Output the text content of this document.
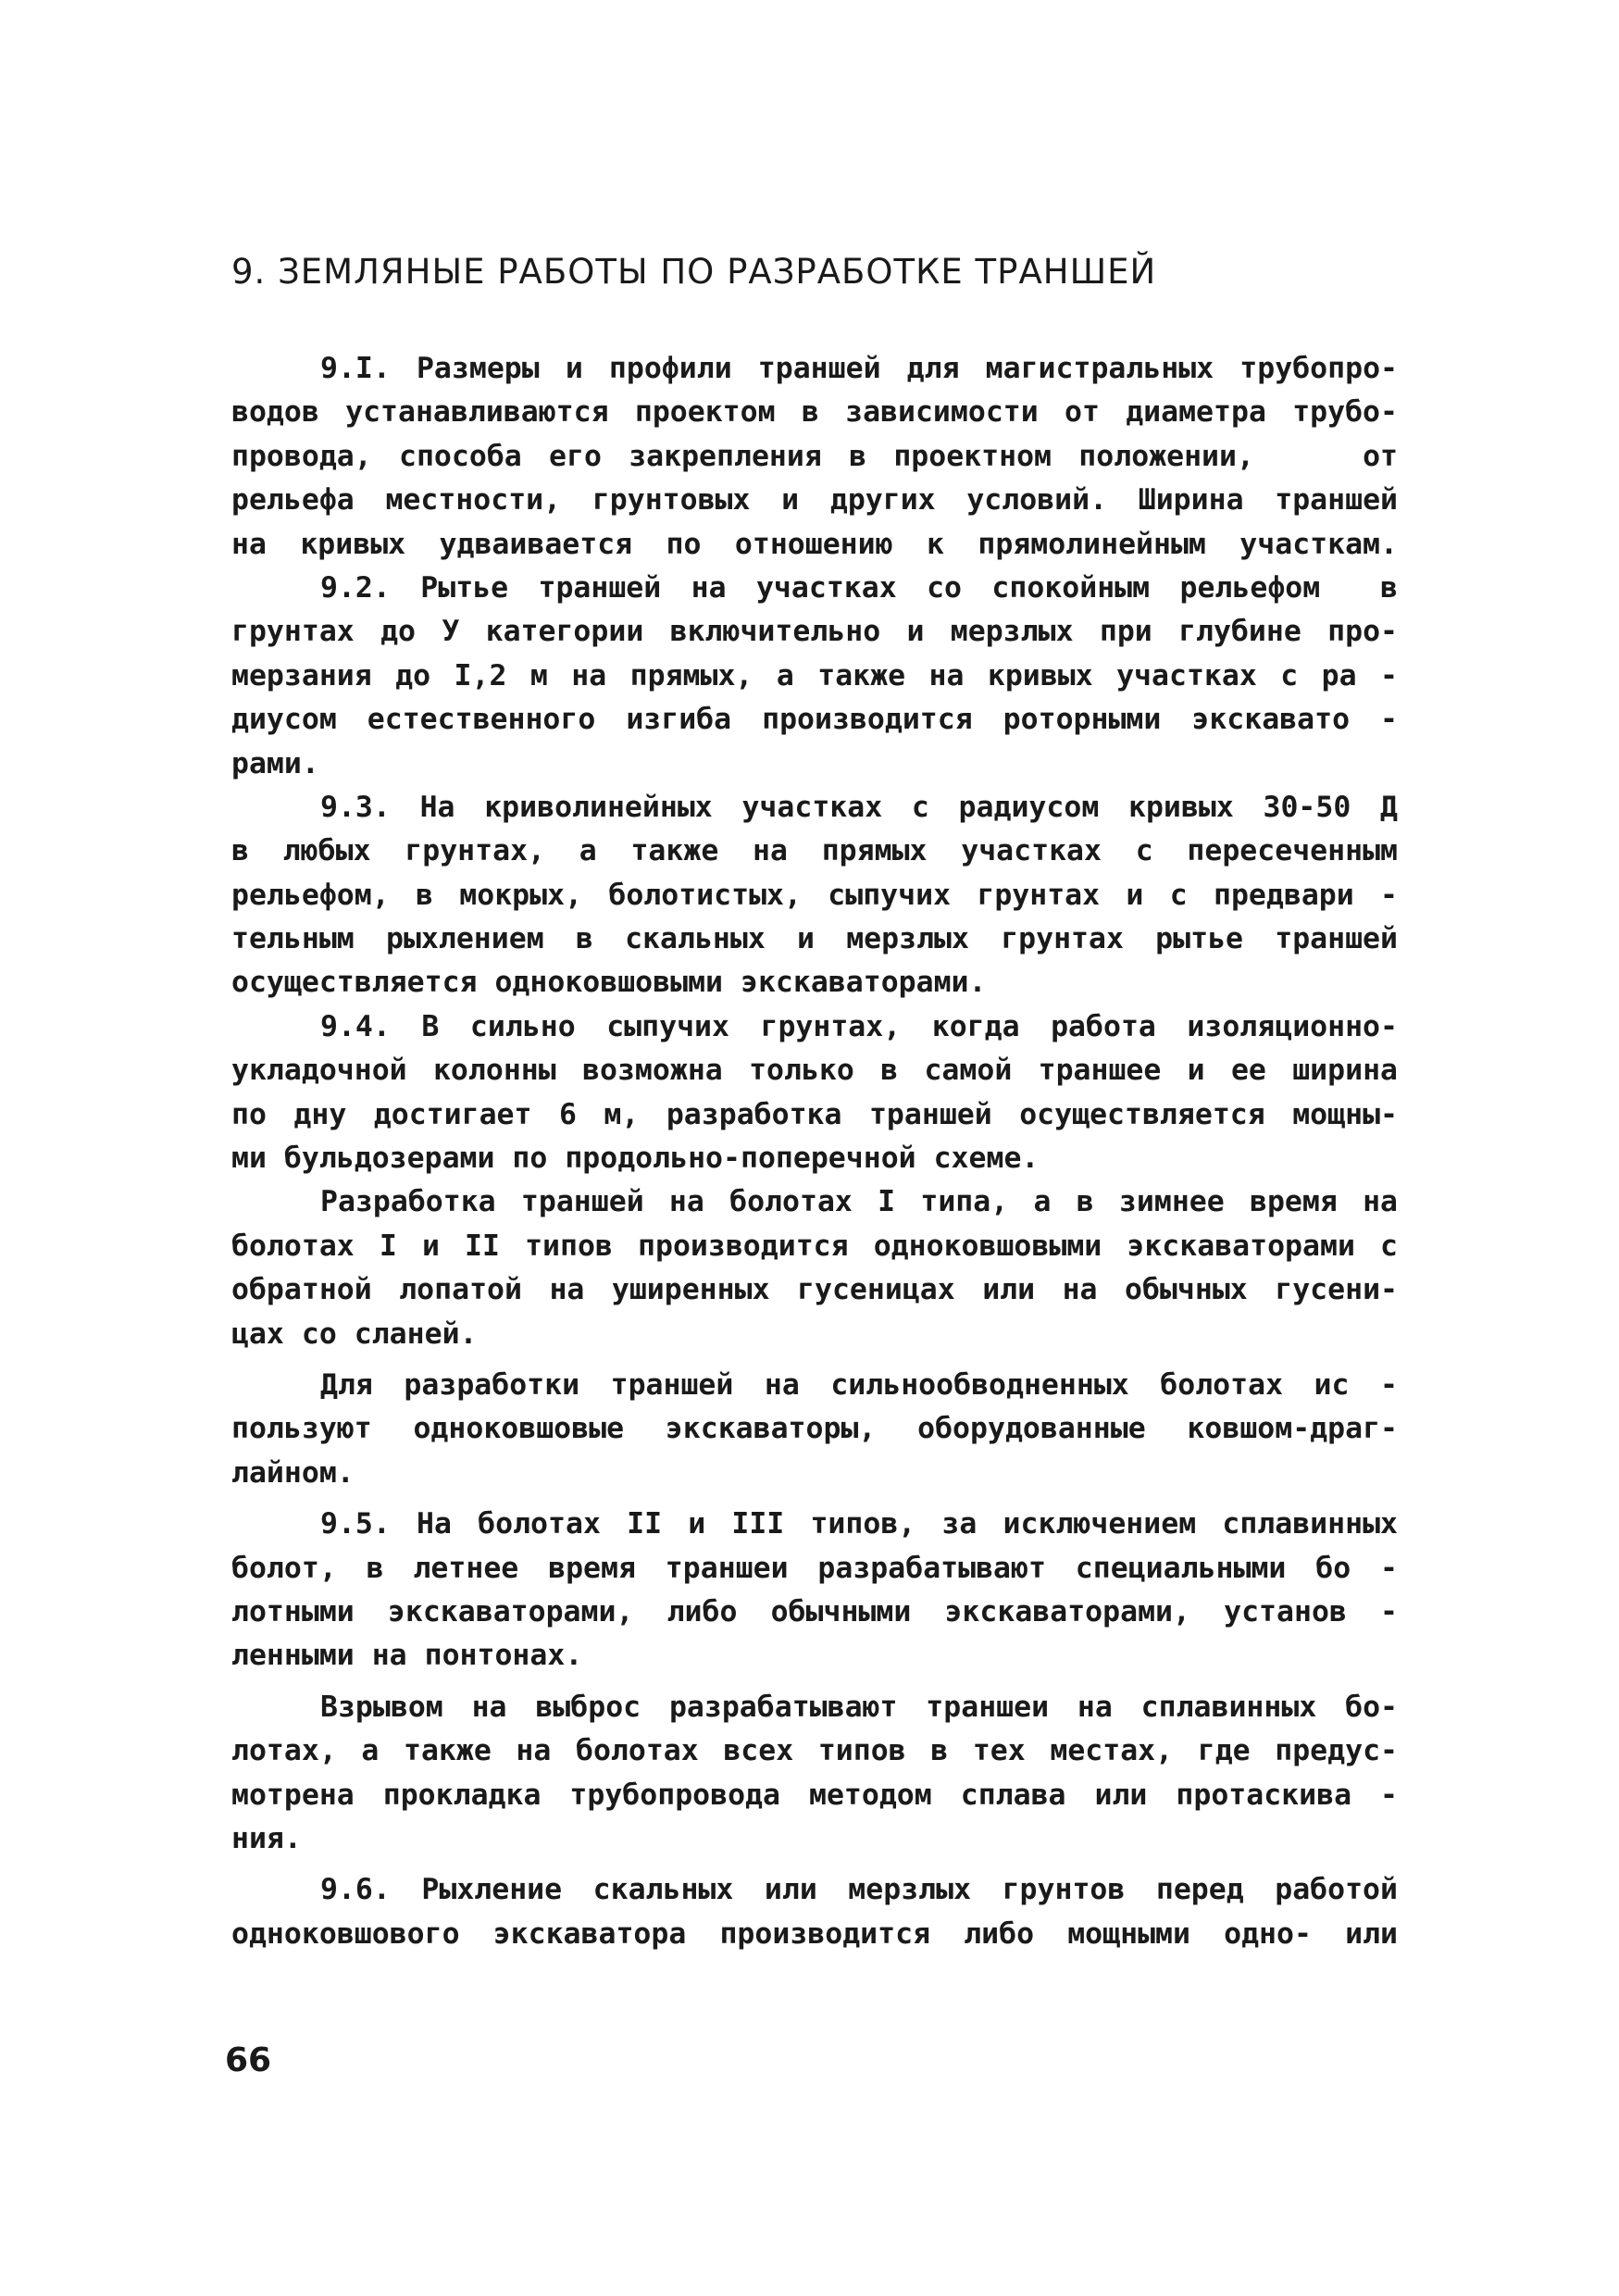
9. ЗЕМЛЯНЫЕ РАБОТЫ ПО РАЗРАБОТКЕ ТРАНШЕЙ
9.I. Размеры и профили траншей для магистральных трубопро-
водов устанавливаются проектом в зависимости от диаметра трубо-
провода, способа его закрепления в проектном положении,    от
рельефа местности, грунтовых и других условий. Ширина траншей
на кривых удваивается по отношению к прямолинейным участкам.
9.2. Рытье траншей на участках со спокойным рельефом  в
грунтах до У категории включительно и мерзлых при глубине про-
мерзания до I,2 м на прямых, а также на кривых участках с ра -
диусом естественного изгиба производится роторными экскавато -
рами.
9.3. На криволинейных участках с радиусом кривых 30-50 Д
в любых грунтах, а также на прямых участках с пересеченным
рельефом, в мокрых, болотистых, сыпучих грунтах и с предвари -
тельным рыхлением в скальных и мерзлых грунтах рытье траншей
осуществляется одноковшовыми экскаваторами.
9.4. В сильно сыпучих грунтах, когда работа изоляционно-
укладочной колонны возможна только в самой траншее и ее ширина
по дну достигает 6 м, разработка траншей осуществляется мощны-
ми бульдозерами по продольно-поперечной схеме.
Разработка траншей на болотах I типа, а в зимнее время на
болотах I и II типов производится одноковшовыми экскаваторами с
обратной лопатой на уширенных гусеницах или на обычных гусени-
цах со сланей.
Для разработки траншей на сильнообводненных болотах ис -
пользуют одноковшовые экскаваторы, оборудованные ковшом-драг-
лайном.
9.5. На болотах II и III типов, за исключением сплавинных
болот, в летнее время траншеи разрабатывают специальными бо -
лотными экскаваторами, либо обычными экскаваторами, установ -
ленными на понтонах.
Взрывом на выброс разрабатывают траншеи на сплавинных бо-
лотах, а также на болотах всех типов в тех местах, где предус-
мотрена прокладка трубопровода методом сплава или протаскива -
ния.
9.6. Рыхление скальных или мерзлых грунтов перед работой
одноковшового экскаватора производится либо мощными одно- или
66
